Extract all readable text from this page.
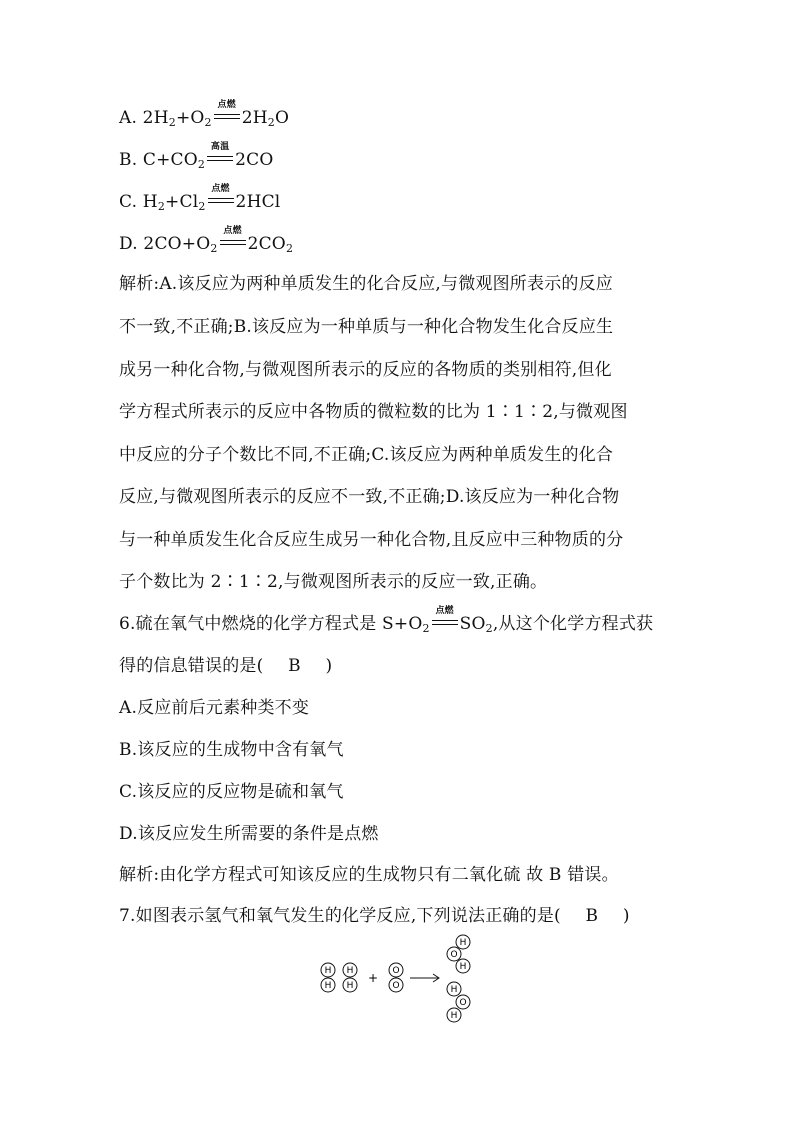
A. $2H_2+O_2$
点燃
$2H_2O$
B. $C+CO_2$
高温
2CO
C. $H_2+Cl_2$
点燃
2HCl
D. $2CO+O_2$
点燃
$2CO_2$
解析:A.该反应为两种单质发生的化合反应,与微观图所表示的反应
不一致,不正确;B.该反应为一种单质与一种化合物发生化合反应生
成另一种化合物,与微观图所表示的反应的各物质的类别相符,但化
学方程式所表示的反应中各物质的微粒数的比为 1∶1∶2,与微观图
中反应的分子个数比不同,不正确;C.该反应为两种单质发生的化合
反应,与微观图所表示的反应不一致,不正确;D.该反应为一种化合物
与一种单质发生化合反应生成另一种化合物,且反应中三种物质的分
子个数比为 2∶1∶2,与微观图所表示的反应一致,正确。
6.硫在氧气中燃烧的化学方程式是 $S+O_2$
点燃
$SO_2$,从这个化学方程式获
得的信息错误的是( B )
A.反应前后元素种类不变
B.该反应的生成物中含有氧气
C.该反应的反应物是硫和氧气
D.该反应发生所需要的条件是点燃
解析:由化学方程式可知该反应的生成物只有二氧化硫 故 B 错误。
7.如图表示氢气和氧气发生的化学反应,下列说法正确的是( B )
H
H
H
H
+ O
O
H
O
H
H
O
H
